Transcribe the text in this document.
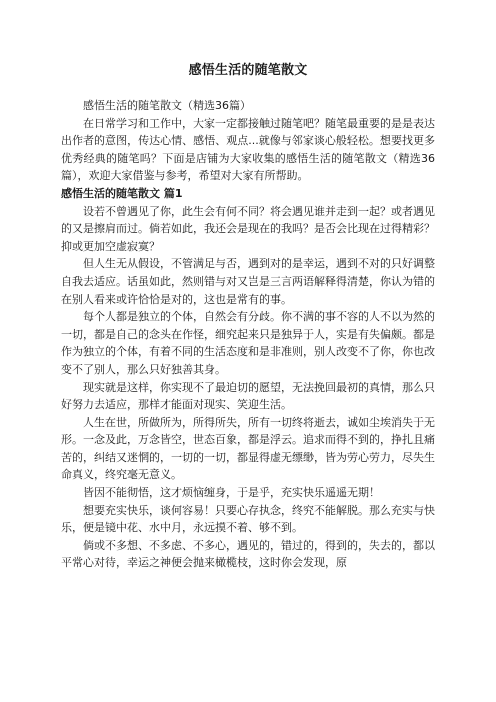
感悟生活的随笔散文

感悟生活的随笔散文（精选36篇）

在日常学习和工作中，大家一定都接触过随笔吧？随笔最重要的是是表达出作者的意图，传达心情、感悟、观点...就像与邻家谈心般轻松。想要找更多优秀经典的随笔吗？下面是店铺为大家收集的感悟生活的随笔散文（精选36篇），欢迎大家借鉴与参考，希望对大家有所帮助。

感悟生活的随笔散文 篇1

设若不曾遇见了你，此生会有何不同？将会遇见谁并走到一起？或者遇见的又是擦肩而过。倘若如此，我还会是现在的我吗？是否会比现在过得精彩？抑或更加空虚寂寞？

但人生无从假设，不管满足与否，遇到对的是幸运，遇到不对的只好调整自我去适应。话虽如此，然则错与对又岂是三言两语解释得清楚，你认为错的在别人看来或许恰恰是对的，这也是常有的事。

每个人都是独立的个体，自然会有分歧。你不满的事不容的人不以为然的一切，都是自己的念头在作怪，细究起来只是独异于人，实是有失偏颇。都是作为独立的个体，有着不同的生活态度和是非准则，别人改变不了你，你也改变不了别人，那么只好独善其身。

现实就是这样，你实现不了最迫切的愿望，无法挽回最初的真情，那么只好努力去适应，那样才能面对现实、笑迎生活。

人生在世，所做所为，所得所失，所有一切终将逝去，诚如尘埃消失于无形。一念及此，万念皆空，世态百象，都是浮云。追求而得不到的，挣扎且痛苦的，纠结又迷惘的，一切的一切，都显得虚无缥缈，皆为劳心劳力，尽失生命真义，终究毫无意义。

皆因不能彻悟，这才烦恼缠身，于是乎，充实快乐遥遥无期！

想要充实快乐，谈何容易！只要心存执念，终究不能解脱。那么充实与快乐，便是镜中花、水中月，永远摸不着、够不到。

倘或不多想、不多虑、不多心，遇见的，错过的，得到的，失去的，都以平常心对待，幸运之神便会抛来橄榄枝，这时你会发现，原
